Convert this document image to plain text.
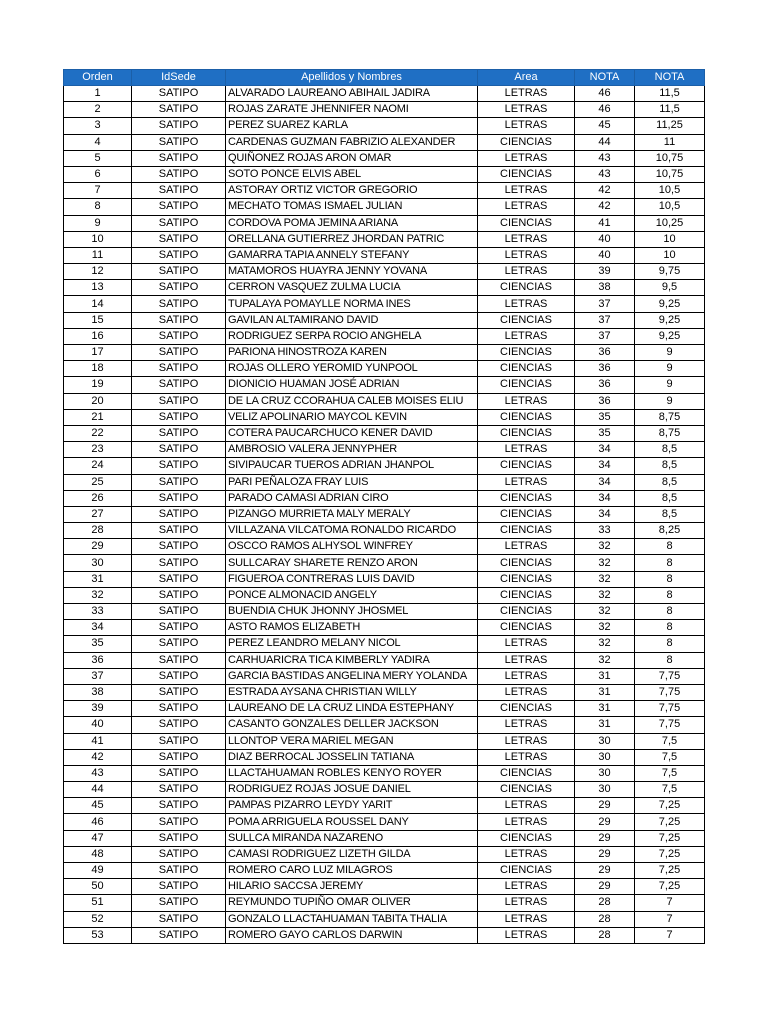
Orden	IdSede	Apellidos y Nombres	Area	NOTA	NOTA
1	SATIPO	ALVARADO LAUREANO ABIHAIL JADIRA	LETRAS	46	11,5
2	SATIPO	ROJAS ZARATE JHENNIFER NAOMI	LETRAS	46	11,5
3	SATIPO	PEREZ SUAREZ KARLA	LETRAS	45	11,25
4	SATIPO	CARDENAS GUZMAN FABRIZIO ALEXANDER	CIENCIAS	44	11
5	SATIPO	QUIÑONEZ ROJAS ARON OMAR	LETRAS	43	10,75
6	SATIPO	SOTO PONCE ELVIS ABEL	CIENCIAS	43	10,75
7	SATIPO	ASTORAY ORTIZ VICTOR GREGORIO	LETRAS	42	10,5
8	SATIPO	MECHATO TOMAS ISMAEL JULIAN	LETRAS	42	10,5
9	SATIPO	CORDOVA POMA JEMINA ARIANA	CIENCIAS	41	10,25
10	SATIPO	ORELLANA GUTIERREZ JHORDAN PATRIC	LETRAS	40	10
11	SATIPO	GAMARRA TAPIA ANNELY STEFANY	LETRAS	40	10
12	SATIPO	MATAMOROS HUAYRA JENNY YOVANA	LETRAS	39	9,75
13	SATIPO	CERRON VASQUEZ ZULMA LUCIA	CIENCIAS	38	9,5
14	SATIPO	TUPALAYA POMAYLLE NORMA INES	LETRAS	37	9,25
15	SATIPO	GAVILAN ALTAMIRANO DAVID	CIENCIAS	37	9,25
16	SATIPO	RODRIGUEZ SERPA ROCIO ANGHELA	LETRAS	37	9,25
17	SATIPO	PARIONA HINOSTROZA KAREN	CIENCIAS	36	9
18	SATIPO	ROJAS OLLERO YEROMID YUNPOOL	CIENCIAS	36	9
19	SATIPO	DIONICIO HUAMAN JOSÉ ADRIAN	CIENCIAS	36	9
20	SATIPO	DE LA CRUZ CCORAHUA CALEB MOISES ELIU	LETRAS	36	9
21	SATIPO	VELIZ APOLINARIO MAYCOL KEVIN	CIENCIAS	35	8,75
22	SATIPO	COTERA PAUCARCHUCO KENER DAVID	CIENCIAS	35	8,75
23	SATIPO	AMBROSIO VALERA JENNYPHER	LETRAS	34	8,5
24	SATIPO	SIVIPAUCAR TUEROS ADRIAN JHANPOL	CIENCIAS	34	8,5
25	SATIPO	PARI PEÑALOZA FRAY LUIS	LETRAS	34	8,5
26	SATIPO	PARADO CAMASI ADRIAN CIRO	CIENCIAS	34	8,5
27	SATIPO	PIZANGO MURRIETA MALY MERALY	CIENCIAS	34	8,5
28	SATIPO	VILLAZANA VILCATOMA RONALDO RICARDO	CIENCIAS	33	8,25
29	SATIPO	OSCCO RAMOS ALHYSOL WINFREY	LETRAS	32	8
30	SATIPO	SULLCARAY SHARETE RENZO ARON	CIENCIAS	32	8
31	SATIPO	FIGUEROA CONTRERAS LUIS DAVID	CIENCIAS	32	8
32	SATIPO	PONCE ALMONACID ANGELY	CIENCIAS	32	8
33	SATIPO	BUENDIA CHUK JHONNY JHOSMEL	CIENCIAS	32	8
34	SATIPO	ASTO RAMOS ELIZABETH	CIENCIAS	32	8
35	SATIPO	PEREZ LEANDRO MELANY NICOL	LETRAS	32	8
36	SATIPO	CARHUARICRA TICA KIMBERLY YADIRA	LETRAS	32	8
37	SATIPO	GARCIA BASTIDAS ANGELINA MERY YOLANDA	LETRAS	31	7,75
38	SATIPO	ESTRADA AYSANA CHRISTIAN WILLY	LETRAS	31	7,75
39	SATIPO	LAUREANO DE LA CRUZ LINDA ESTEPHANY	CIENCIAS	31	7,75
40	SATIPO	CASANTO GONZALES DELLER JACKSON	LETRAS	31	7,75
41	SATIPO	LLONTOP VERA MARIEL MEGAN	LETRAS	30	7,5
42	SATIPO	DIAZ BERROCAL JOSSELIN TATIANA	LETRAS	30	7,5
43	SATIPO	LLACTAHUAMAN ROBLES KENYO ROYER	CIENCIAS	30	7,5
44	SATIPO	RODRIGUEZ ROJAS JOSUE DANIEL	CIENCIAS	30	7,5
45	SATIPO	PAMPAS PIZARRO LEYDY YARIT	LETRAS	29	7,25
46	SATIPO	POMA ARRIGUELA ROUSSEL DANY	LETRAS	29	7,25
47	SATIPO	SULLCA MIRANDA NAZARENO	CIENCIAS	29	7,25
48	SATIPO	CAMASI RODRIGUEZ LIZETH GILDA	LETRAS	29	7,25
49	SATIPO	ROMERO CARO LUZ MILAGROS	CIENCIAS	29	7,25
50	SATIPO	HILARIO SACCSA JEREMY	LETRAS	29	7,25
51	SATIPO	REYMUNDO TUPIÑO OMAR OLIVER	LETRAS	28	7
52	SATIPO	GONZALO LLACTAHUAMAN TABITA THALIA	LETRAS	28	7
53	SATIPO	ROMERO GAYO CARLOS DARWIN	LETRAS	28	7
